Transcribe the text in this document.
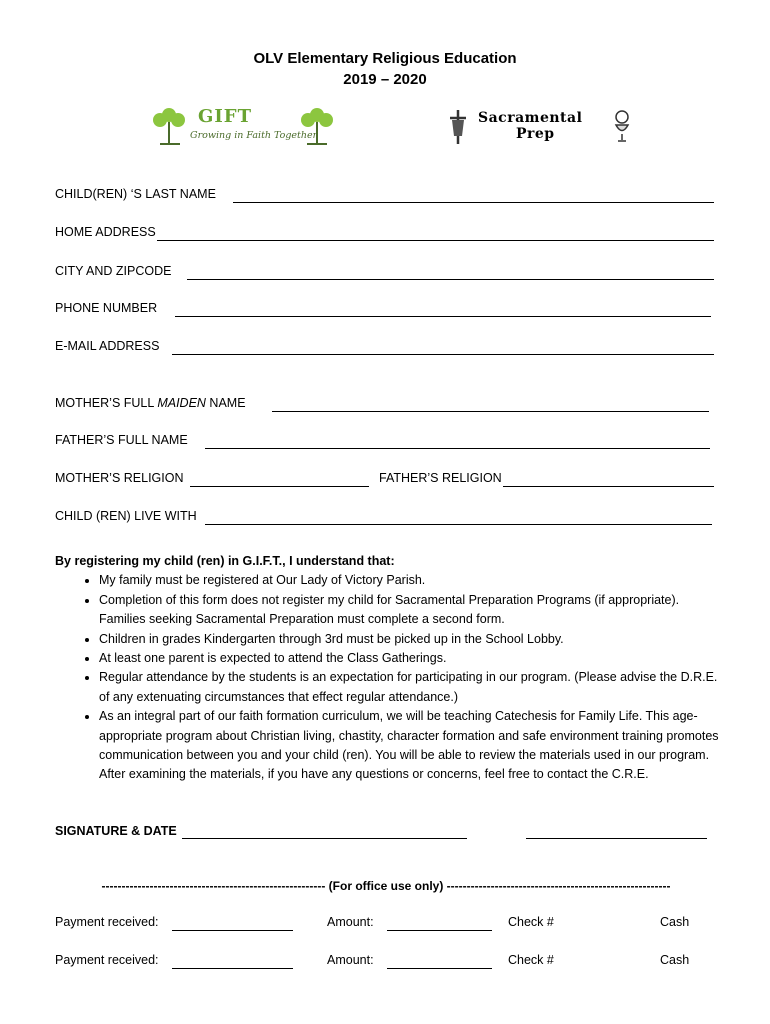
OLV Elementary Religious Education
2019 – 2020
GIFT
Growing in Faith Together
Sacramental
Prep
CHILD(REN) ‘S LAST NAME
HOME ADDRESS
CITY AND ZIPCODE
PHONE NUMBER
E-MAIL ADDRESS
MOTHER’S FULL MAIDEN NAME
FATHER’S FULL NAME
MOTHER’S RELIGION	FATHER’S RELIGION
CHILD (REN) LIVE WITH
By registering my child (ren) in G.I.F.T., I understand that:
• My family must be registered at Our Lady of Victory Parish.
• Completion of this form does not register my child for Sacramental Preparation Programs (if appropriate). Families seeking Sacramental Preparation must complete a second form.
• Children in grades Kindergarten through 3rd must be picked up in the School Lobby.
• At least one parent is expected to attend the Class Gatherings.
• Regular attendance by the students is an expectation for participating in our program. (Please advise the D.R.E. of any extenuating circumstances that effect regular attendance.)
• As an integral part of our faith formation curriculum, we will be teaching Catechesis for Family Life. This age-appropriate program about Christian living, chastity, character formation and safe environment training promotes communication between you and your child (ren). You will be able to review the materials used in our program. After examining the materials, if you have any questions or concerns, feel free to contact the C.R.E.
SIGNATURE & DATE
-------------------------------------------------------- (For office use only) --------------------------------------------------------
Payment received:	Amount:	Check #	Cash
Payment received:	Amount:	Check #	Cash
